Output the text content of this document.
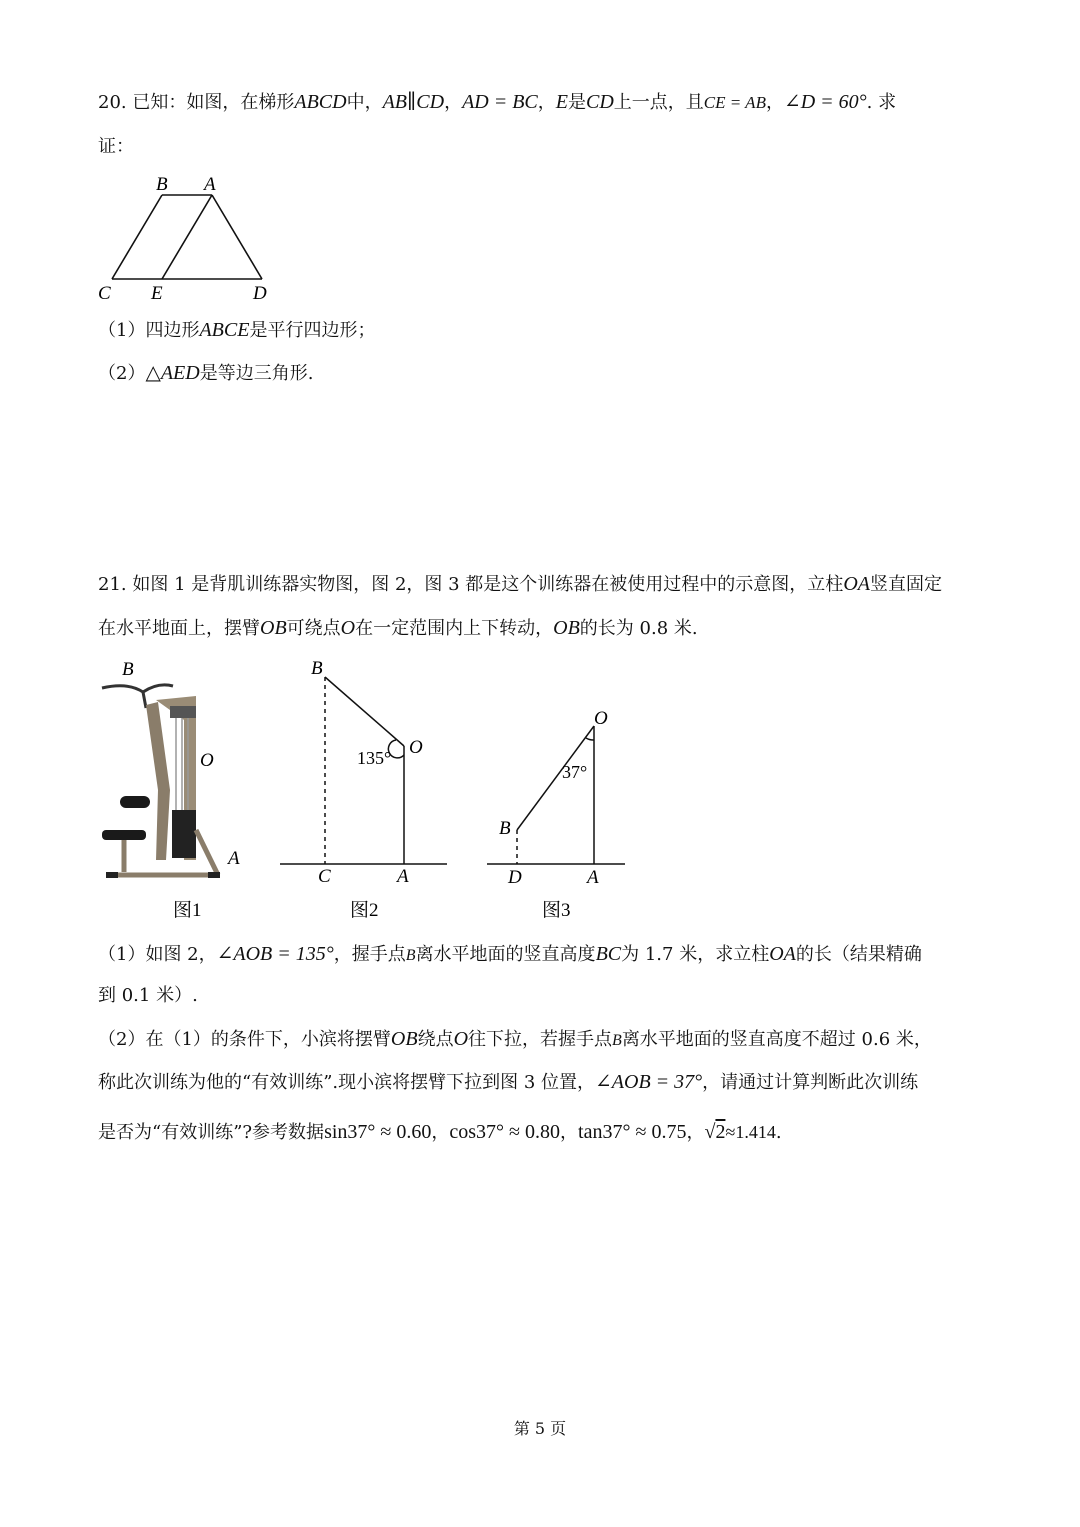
20. 已知：如图，在梯形ABCD中，AB∥CD，AD = BC，E是CD上一点，且CE = AB，∠D = 60°. 求
证：
B A
C E	D
（1）四边形ABCE是平行四边形；
（2）△AED是等边三角形.
21. 如图 1 是背肌训练器实物图，图 2，图 3 都是这个训练器在被使用过程中的示意图，立柱OA竖直固定
在水平地面上，摆臂OB可绕点O在一定范围内上下转动，OB的长为 0.8 米.
B
O
A
图1
B
O
135°
C	A
图2
O
37°
B
D	A
图3
（1）如图 2，∠AOB = 135°，握手点B离水平地面的竖直高度BC为 1.7 米，求立柱OA的长（结果精确
到 0.1 米）.
（2）在（1）的条件下，小滨将摆臂OB绕点O往下拉，若握手点B离水平地面的竖直高度不超过 0.6 米，
称此次训练为他的“有效训练”.现小滨将摆臂下拉到图 3 位置，∠AOB = 37°，请通过计算判断此次训练
是否为“有效训练”?参考数据sin37° ≈ 0.60，cos37° ≈ 0.80，tan37° ≈ 0.75，√2≈1.414.
第 5 页
